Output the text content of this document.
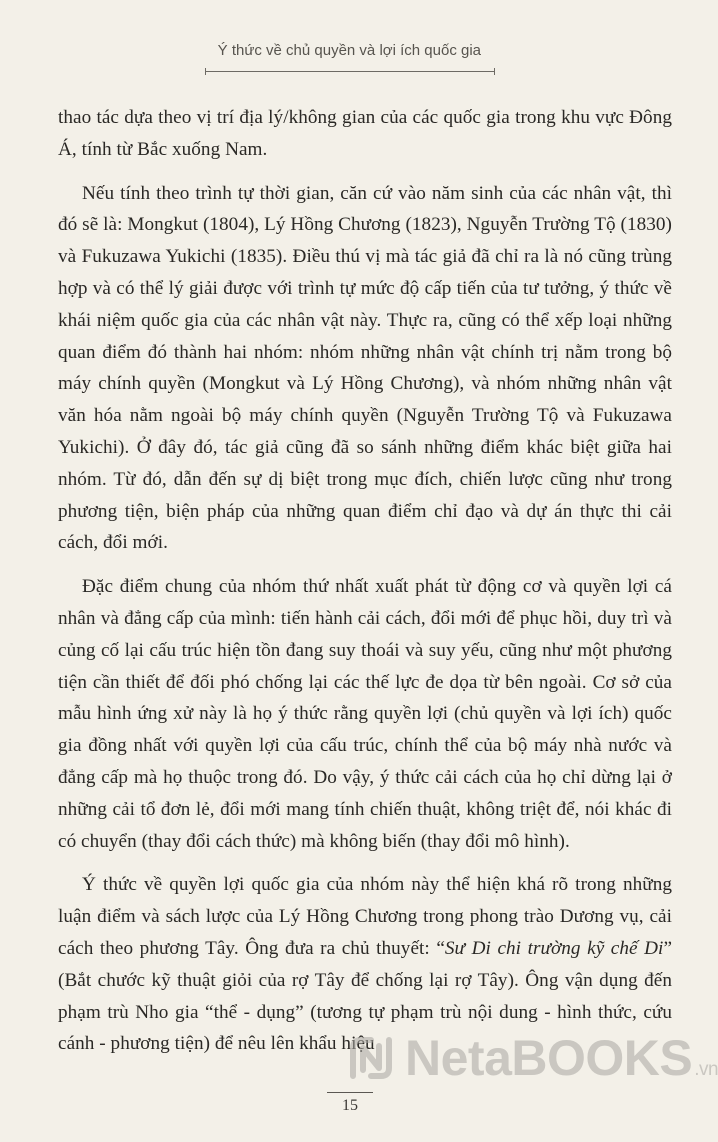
Ý thức về chủ quyền và lợi ích quốc gia

thao tác dựa theo vị trí địa lý/không gian của các quốc gia trong khu vực Đông Á, tính từ Bắc xuống Nam.

Nếu tính theo trình tự thời gian, căn cứ vào năm sinh của các nhân vật, thì đó sẽ là: Mongkut (1804), Lý Hồng Chương (1823), Nguyễn Trường Tộ (1830) và Fukuzawa Yukichi (1835). Điều thú vị mà tác giả đã chỉ ra là nó cũng trùng hợp và có thể lý giải được với trình tự mức độ cấp tiến của tư tưởng, ý thức về khái niệm quốc gia của các nhân vật này. Thực ra, cũng có thể xếp loại những quan điểm đó thành hai nhóm: nhóm những nhân vật chính trị nằm trong bộ máy chính quyền (Mongkut và Lý Hồng Chương), và nhóm những nhân vật văn hóa nằm ngoài bộ máy chính quyền (Nguyễn Trường Tộ và Fukuzawa Yukichi). Ở đây đó, tác giả cũng đã so sánh những điểm khác biệt giữa hai nhóm. Từ đó, dẫn đến sự dị biệt trong mục đích, chiến lược cũng như trong phương tiện, biện pháp của những quan điểm chỉ đạo và dự án thực thi cải cách, đổi mới.

Đặc điểm chung của nhóm thứ nhất xuất phát từ động cơ và quyền lợi cá nhân và đẳng cấp của mình: tiến hành cải cách, đổi mới để phục hồi, duy trì và củng cố lại cấu trúc hiện tồn đang suy thoái và suy yếu, cũng như một phương tiện cần thiết để đối phó chống lại các thế lực đe dọa từ bên ngoài. Cơ sở của mẫu hình ứng xử này là họ ý thức rằng quyền lợi (chủ quyền và lợi ích) quốc gia đồng nhất với quyền lợi của cấu trúc, chính thể của bộ máy nhà nước và đẳng cấp mà họ thuộc trong đó. Do vậy, ý thức cải cách của họ chỉ dừng lại ở những cải tổ đơn lẻ, đổi mới mang tính chiến thuật, không triệt để, nói khác đi có chuyển (thay đổi cách thức) mà không biến (thay đổi mô hình).

Ý thức về quyền lợi quốc gia của nhóm này thể hiện khá rõ trong những luận điểm và sách lược của Lý Hồng Chương trong phong trào Dương vụ, cải cách theo phương Tây. Ông đưa ra chủ thuyết: “Sư Di chi trường kỹ chế Di” (Bắt chước kỹ thuật giỏi của rợ Tây để chống lại rợ Tây). Ông vận dụng đến phạm trù Nho gia “thể - dụng” (tương tự phạm trù nội dung - hình thức, cứu cánh - phương tiện) để nêu lên khẩu hiệu NetaBOOKS .vn
15
